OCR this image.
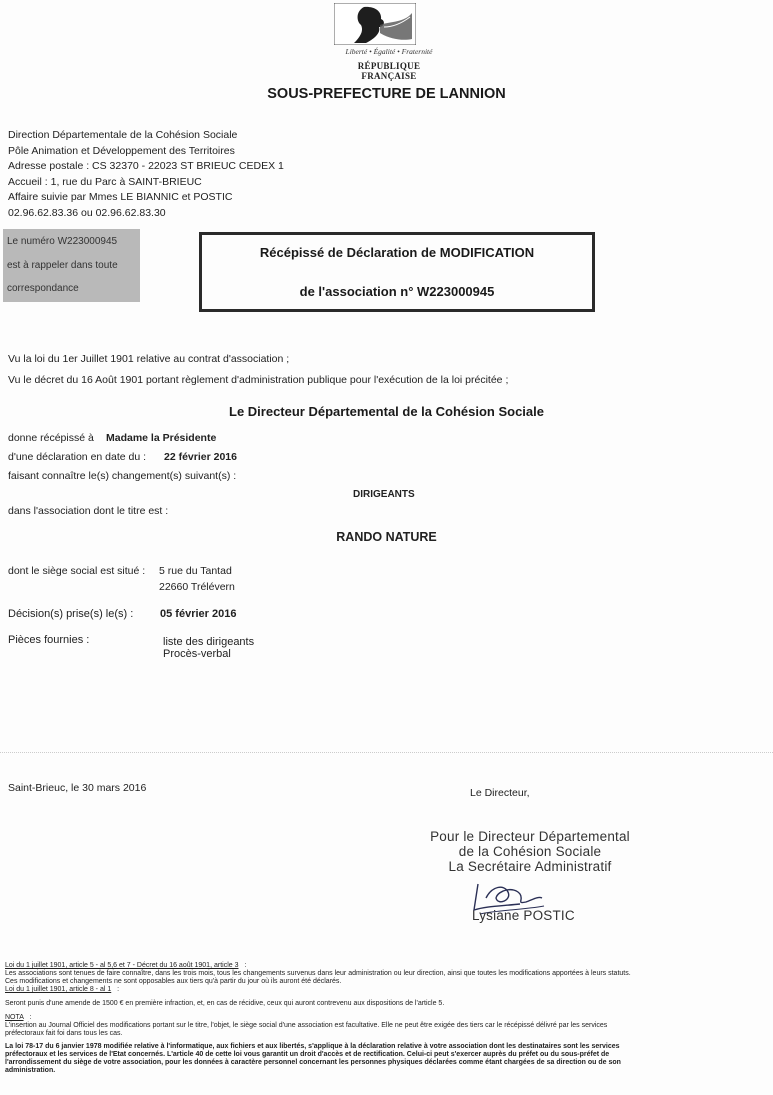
Liberté • Égalité • Fraternité
RÉPUBLIQUE FRANÇAISE
SOUS-PREFECTURE DE LANNION
Direction Départementale de la Cohésion Sociale
Pôle Animation et Développement des Territoires
Adresse postale : CS 32370 - 22023 ST BRIEUC CEDEX 1
Accueil : 1, rue du Parc à SAINT-BRIEUC
Affaire suivie par Mmes LE BIANNIC et POSTIC
02.96.62.83.36 ou 02.96.62.83.30
Le numéro W223000945
est à rappeler dans toute
correspondance
Récépissé de Déclaration de MODIFICATION
de l'association n° W223000945
Vu la loi du 1er Juillet 1901 relative au contrat d'association ;
Vu le décret du 16 Août 1901 portant règlement d'administration publique pour l'exécution de la loi précitée ;
Le Directeur Départemental de la Cohésion Sociale
donne récépissé à Madame la Présidente
d'une déclaration en date du : 22 février 2016
faisant connaître le(s) changement(s) suivant(s) :
DIRIGEANTS
dans l'association dont le titre est :
RANDO NATURE
dont le siège social est situé : 5 rue du Tantad
22660 Trélévern
Décision(s) prise(s) le(s) : 05 février 2016
Pièces fournies :	liste des dirigeants
Procès-verbal
Saint-Brieuc, le 30 mars 2016	Le Directeur,
Pour le Directeur Départemental
de la Cohésion Sociale
La Secrétaire Administratif
Lysiane POSTIC
Loi du 1 juillet 1901, article 5 - al 5,6 et 7 - Décret du 16 août 1901, article 3 :
Les associations sont tenues de faire connaître, dans les trois mois, tous les changements survenus dans leur administration ou leur direction, ainsi que toutes les modifications apportées à leurs statuts.
Ces modifications et changements ne sont opposables aux tiers qu'à partir du jour où ils auront été déclarés.
Loi du 1 juillet 1901, article 8 - al 1 :
Seront punis d'une amende de 1500 € en première infraction, et, en cas de récidive, ceux qui auront contrevenu aux dispositions de l'article 5.
NOTA :
L'insertion au Journal Officiel des modifications portant sur le titre, l'objet, le siège social d'une association est facultative. Elle ne peut être exigée des tiers car le récépissé délivré par les services
préfectoraux fait foi dans tous les cas.
La loi 78-17 du 6 janvier 1978 modifiée relative à l'informatique, aux fichiers et aux libertés, s'applique à la déclaration relative à votre association dont les destinataires sont les services
préfectoraux et les services de l'Etat concernés. L'article 40 de cette loi vous garantit un droit d'accès et de rectification. Celui-ci peut s'exercer auprès du préfet ou du sous-préfet de
l'arrondissement du siège de votre association, pour les données à caractère personnel concernant les personnes physiques déclarées comme étant chargées de sa direction ou de son
administration.
